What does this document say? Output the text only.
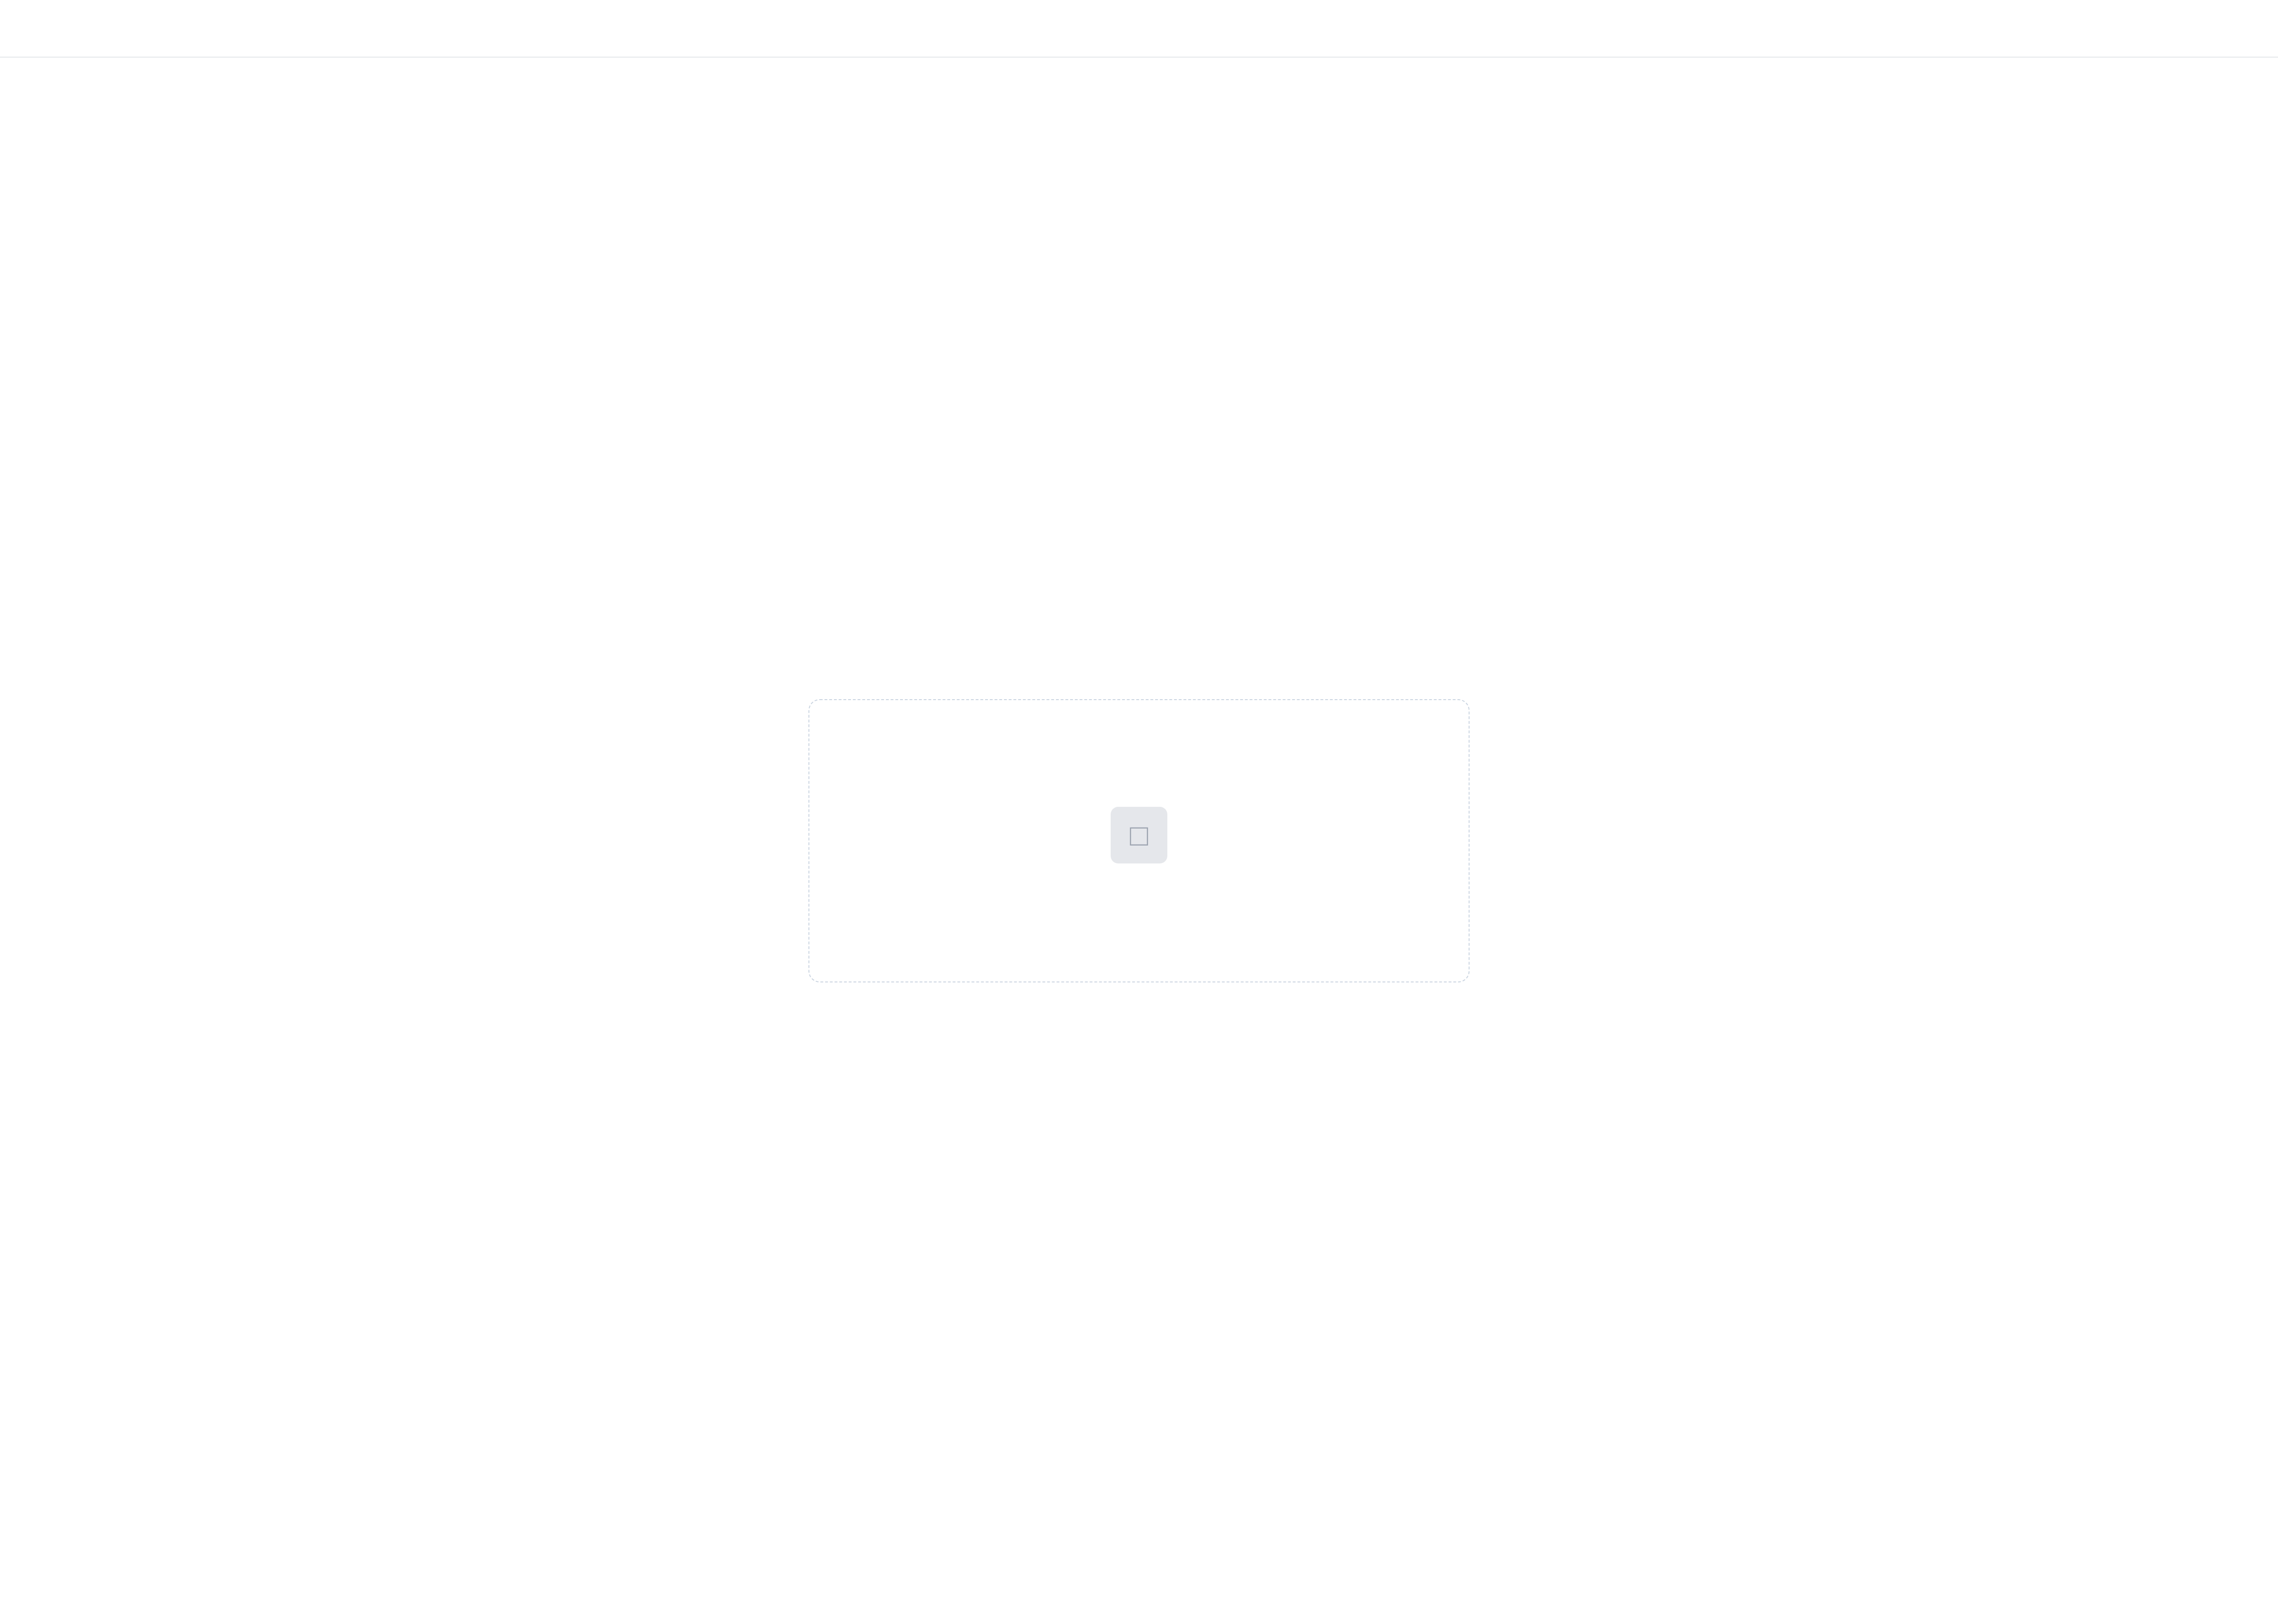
□
